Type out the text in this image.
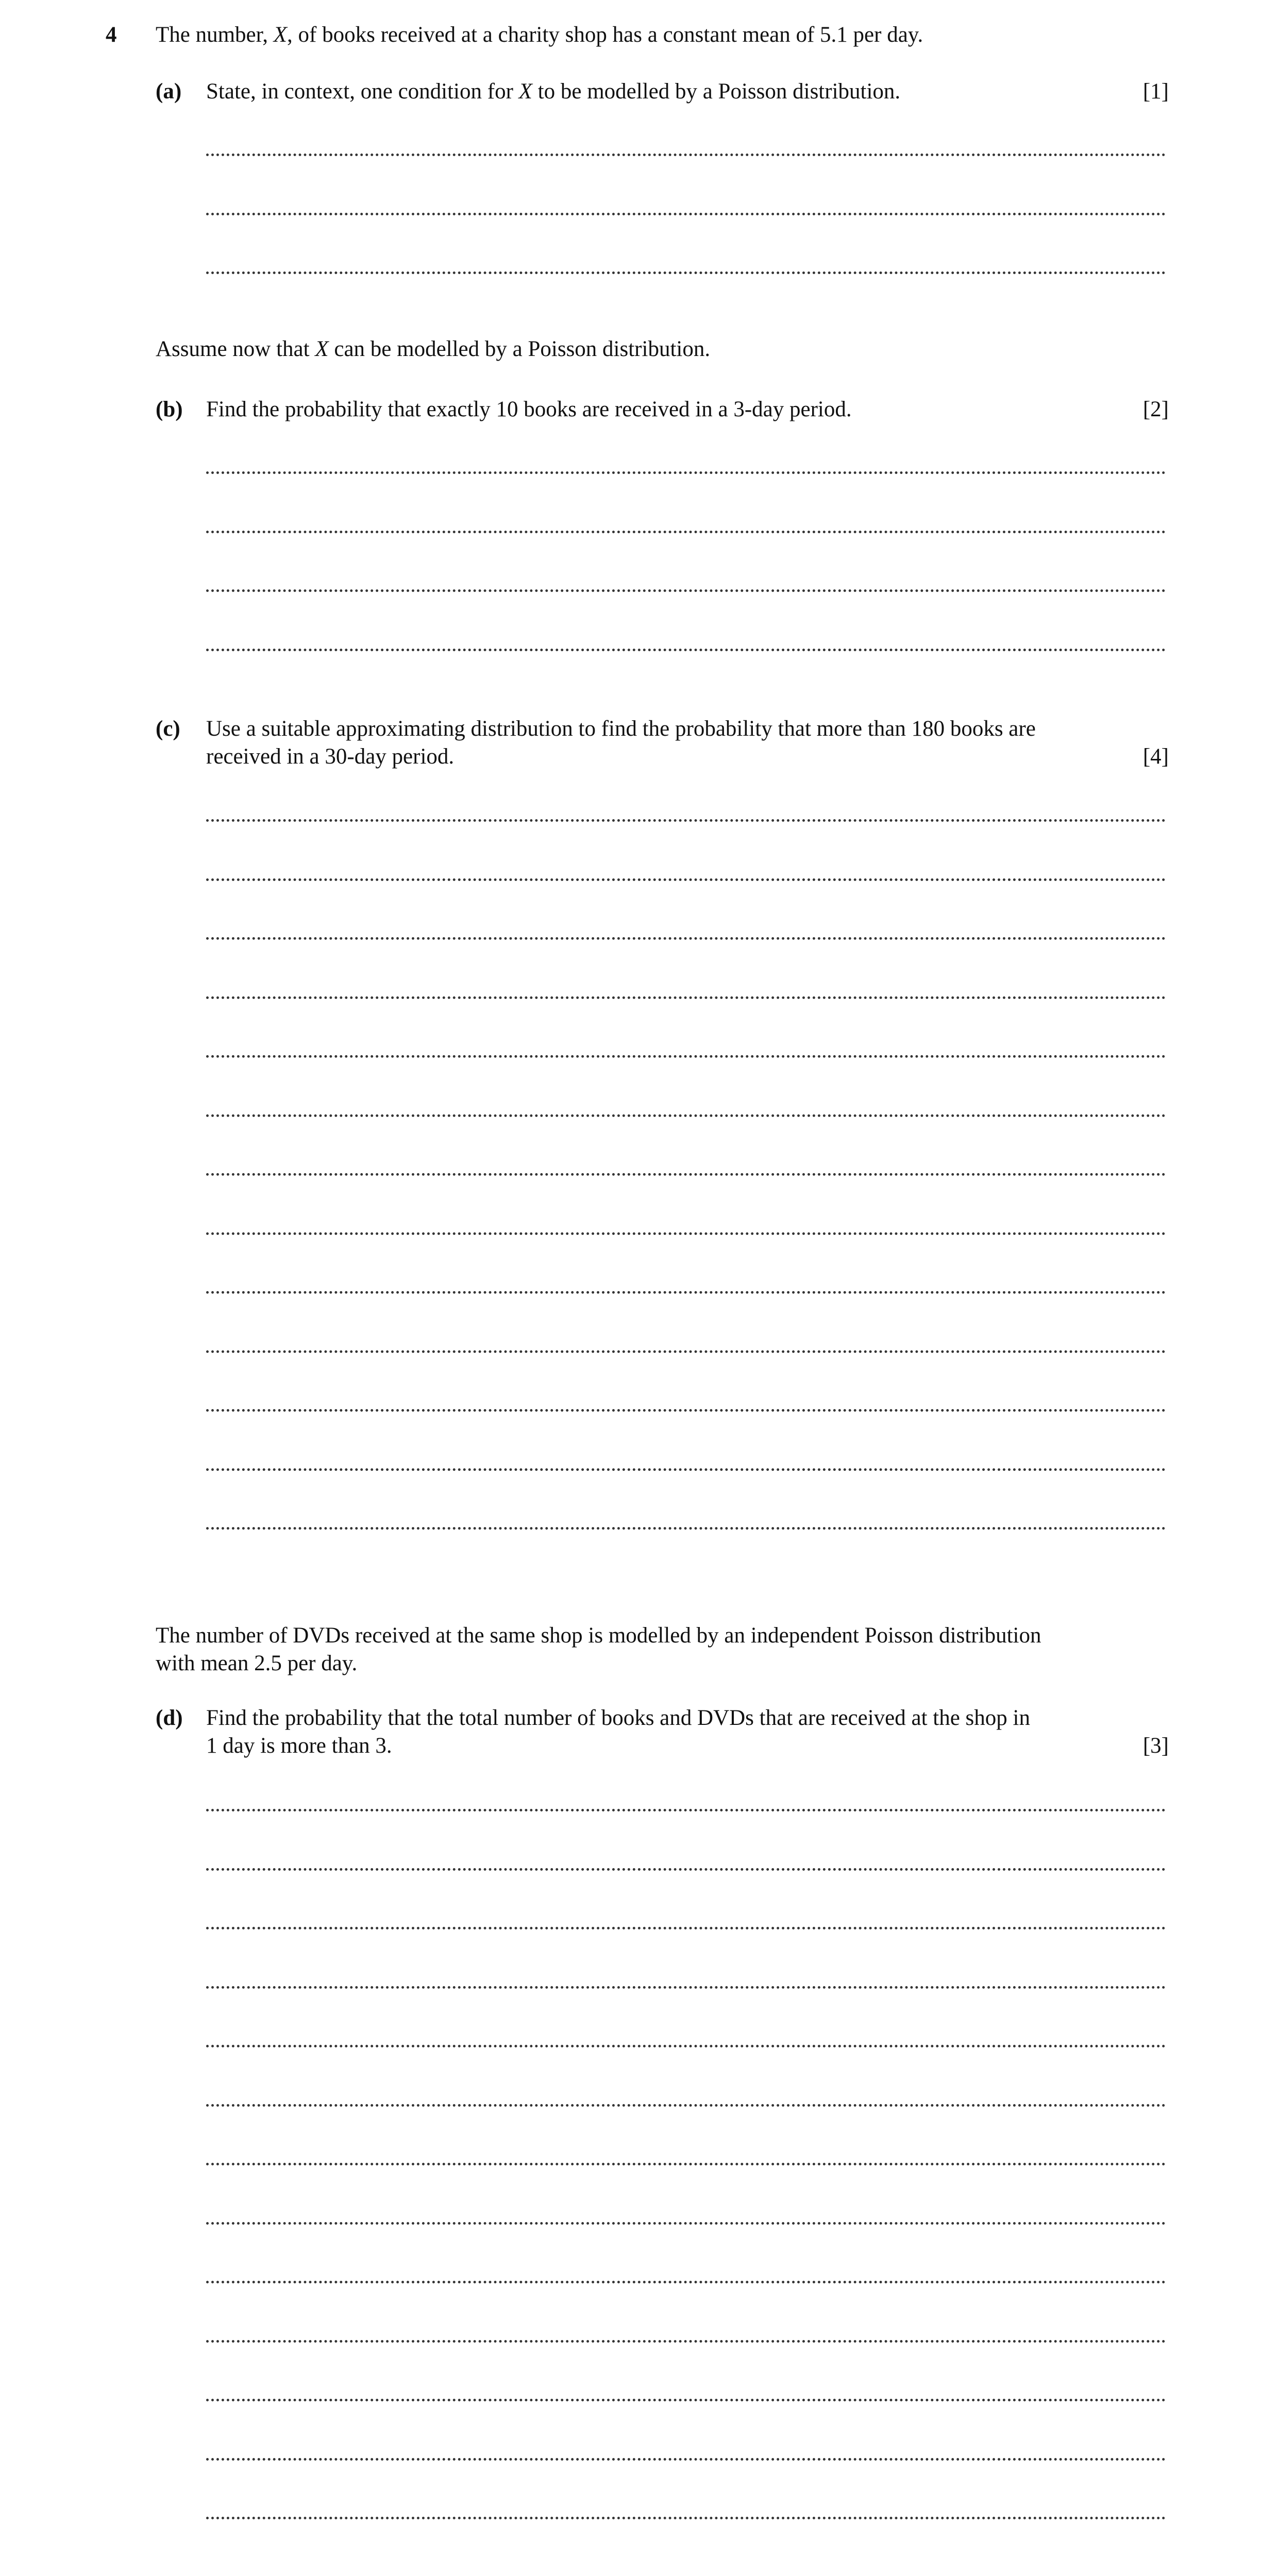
4 The number, X, of books received at a charity shop has a constant mean of 5.1 per day.

(a) State, in context, one condition for X to be modelled by a Poisson distribution.	[1]

Assume now that X can be modelled by a Poisson distribution.

(b) Find the probability that exactly 10 books are received in a 3-day period.	[2]
(c) Use a suitable approximating distribution to find the probability that more than 180 books are

received in a 30-day period.	[4]

The number of DVDs received at the same shop is modelled by an independent Poisson distribution

with mean 2.5 per day.

(d) Find the probability that the total number of books and DVDs that are received at the shop in

1 day is more than 3.	[3]
